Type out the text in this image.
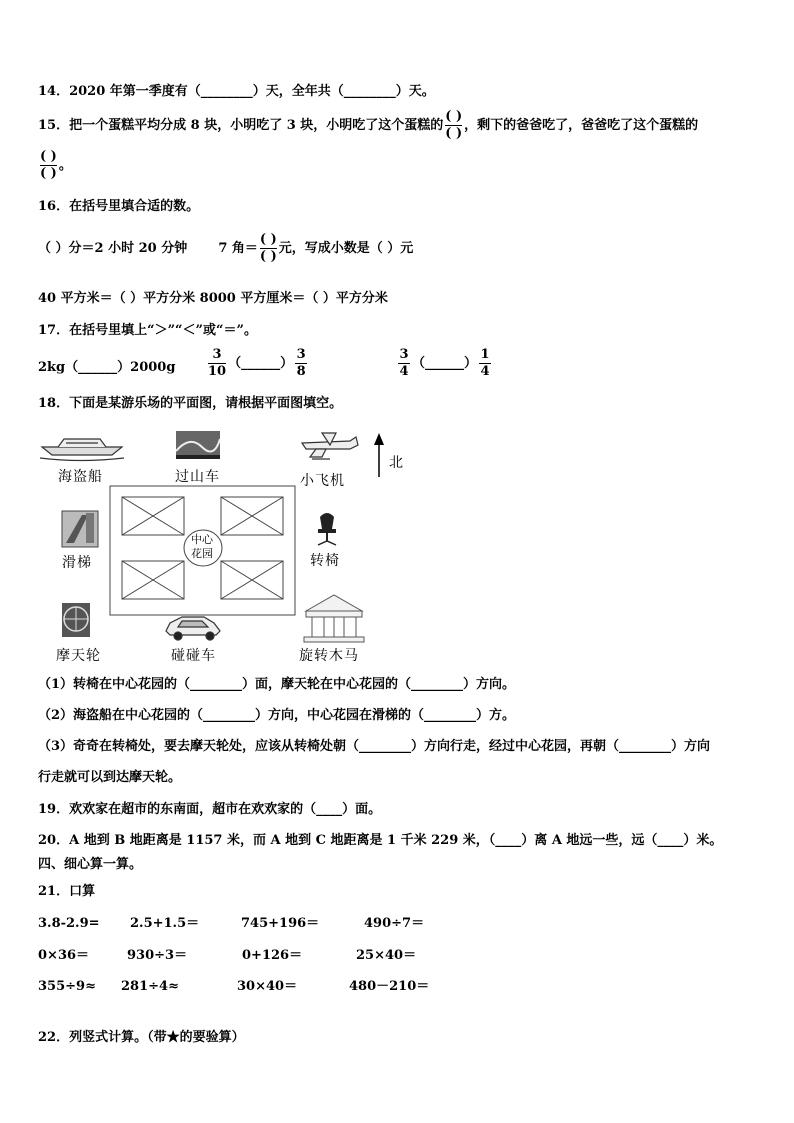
14．2020 年第一季度有（________）天，全年共（________）天。
15．把一个蛋糕平均分成 8 块，小明吃了 3 块，小明吃了这个蛋糕的 $\frac{( )}{( )}$ ，剩下的爸爸吃了，爸爸吃了这个蛋糕的
$\frac{( )}{( )}$ 。
16．在括号里填合适的数。
（ ）分＝2 小时 20 分钟 7 角＝ $\frac{( )}{( )}$ 元，写成小数是（ ）元
40 平方米＝（ ）平方分米 8000 平方厘米＝（ ）平方分米
17．在括号里填上“＞”“＜”或“＝”。
2kg（______）2000g	$\frac{3}{10}$ （______） $\frac{3}{8}$	$\frac{3}{4}$ （______） $\frac{1}{4}$
18．下面是某游乐场的平面图，请根据平面图填空。
海盗船	过山车	小飞机
北
滑梯
中心
花园	转椅
摩天轮	碰碰车	旋转木马
（1）转椅在中心花园的（________）面，摩天轮在中心花园的（________）方向。
（2）海盗船在中心花园的（________）方向，中心花园在滑梯的（________）方。
（3）奇奇在转椅处，要去摩天轮处，应该从转椅处朝（________）方向行走，经过中心花园，再朝（________）方向
行走就可以到达摩天轮。
19．欢欢家在超市的东南面，超市在欢欢家的（____）面。
20．A 地到 B 地距离是 1157 米，而 A 地到 C 地距离是 1 千米 229 米，（____）离 A 地远一些，远（____）米。
四、细心算一算。
21．口算
3.8-2.9= 2.5+1.5＝	745+196＝	490÷7＝
0×36＝	930÷3＝	0+126＝	25×40＝
355÷9≈ 281÷4≈	30×40＝	480－210＝
22．列竖式计算。（带★的要验算）
